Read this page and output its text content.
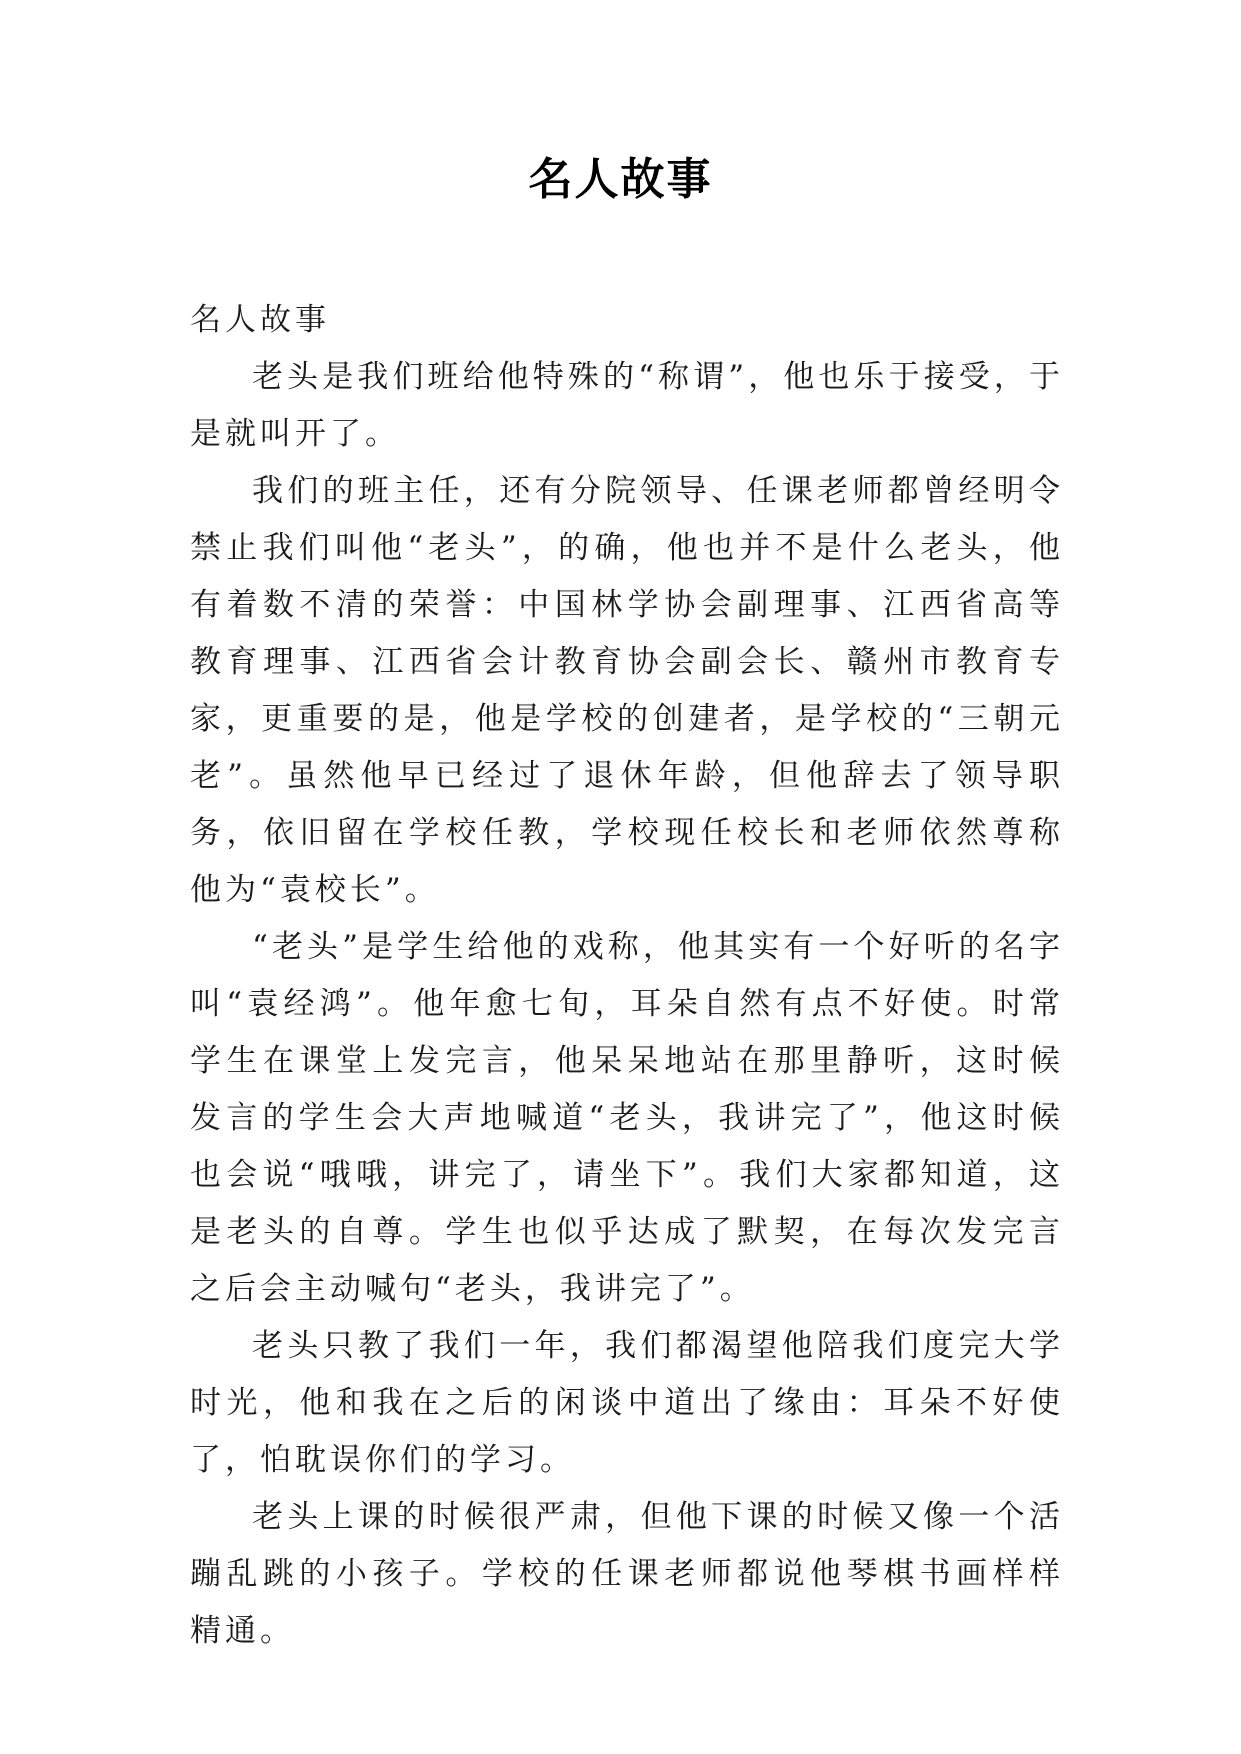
名人故事

名人故事

老头是我们班给他特殊的“称谓”，他也乐于接受，于是就叫开了。

我们的班主任，还有分院领导、任课老师都曾经明令禁止我们叫他“老头”，的确，他也并不是什么老头，他有着数不清的荣誉：中国林学协会副理事、江西省高等教育理事、江西省会计教育协会副会长、赣州市教育专家，更重要的是，他是学校的创建者，是学校的“三朝元老”。虽然他早已经过了退休年龄，但他辞去了领导职务，依旧留在学校任教，学校现任校长和老师依然尊称他为“袁校长”。

“老头”是学生给他的戏称，他其实有一个好听的名字叫“袁经鸿”。他年愈七旬，耳朵自然有点不好使。时常学生在课堂上发完言，他呆呆地站在那里静听，这时候发言的学生会大声地喊道“老头，我讲完了”，他这时候也会说“哦哦，讲完了，请坐下”。我们大家都知道，这是老头的自尊。学生也似乎达成了默契，在每次发完言之后会主动喊句“老头，我讲完了”。

老头只教了我们一年，我们都渴望他陪我们度完大学时光，他和我在之后的闲谈中道出了缘由：耳朵不好使了，怕耽误你们的学习。

老头上课的时候很严肃，但他下课的时候又像一个活蹦乱跳的小孩子。学校的任课老师都说他琴棋书画样样精通。
